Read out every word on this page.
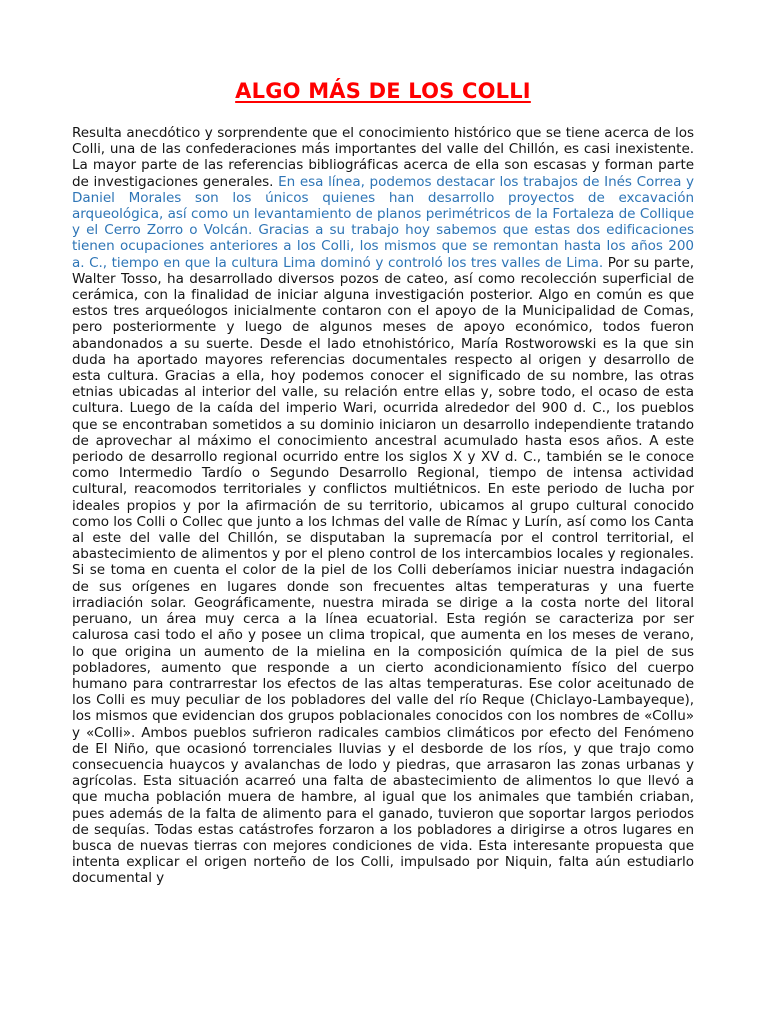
ALGO MÁS DE LOS COLLI

Resulta anecdótico y sorprendente que el conocimiento histórico que se tiene acerca de los Colli, una de las confederaciones más importantes del valle del Chillón, es casi inexistente. La mayor parte de las referencias bibliográficas acerca de ella son escasas y forman parte de investigaciones generales. En esa línea, podemos destacar los trabajos de Inés Correa y Daniel Morales son los únicos quienes han desarrollo proyectos de excavación arqueológica, así como un levantamiento de planos perimétricos de la Fortaleza de Collique y el Cerro Zorro o Volcán. Gracias a su trabajo hoy sabemos que estas dos edificaciones tienen ocupaciones anteriores a los Colli, los mismos que se remontan hasta los años 200 a. C., tiempo en que la cultura Lima dominó y controló los tres valles de Lima. Por su parte, Walter Tosso, ha desarrollado diversos pozos de cateo, así como recolección superficial de cerámica, con la finalidad de iniciar alguna investigación posterior. Algo en común es que estos tres arqueólogos inicialmente contaron con el apoyo de la Municipalidad de Comas, pero posteriormente y luego de algunos meses de apoyo económico, todos fueron abandonados a su suerte. Desde el lado etnohistórico, María Rostworowski es la que sin duda ha aportado mayores referencias documentales respecto al origen y desarrollo de esta cultura. Gracias a ella, hoy podemos conocer el significado de su nombre, las otras etnias ubicadas al interior del valle, su relación entre ellas y, sobre todo, el ocaso de esta cultura. Luego de la caída del imperio Wari, ocurrida alrededor del 900 d. C., los pueblos que se encontraban sometidos a su dominio iniciaron un desarrollo independiente tratando de aprovechar al máximo el conocimiento ancestral acumulado hasta esos años. A este periodo de desarrollo regional ocurrido entre los siglos X y XV d. C., también se le conoce como Intermedio Tardío o Segundo Desarrollo Regional, tiempo de intensa actividad cultural, reacomodos territoriales y conflictos multiétnicos. En este periodo de lucha por ideales propios y por la afirmación de su territorio, ubicamos al grupo cultural conocido como los Colli o Collec que junto a los Ichmas del valle de Rímac y Lurín, así como los Canta al este del valle del Chillón, se disputaban la supremacía por el control territorial, el abastecimiento de alimentos y por el pleno control de los intercambios locales y regionales. Si se toma en cuenta el color de la piel de los Colli deberíamos iniciar nuestra indagación de sus orígenes en lugares donde son frecuentes altas temperaturas y una fuerte irradiación solar. Geográficamente, nuestra mirada se dirige a la costa norte del litoral peruano, un área muy cerca a la línea ecuatorial. Esta región se caracteriza por ser calurosa casi todo el año y posee un clima tropical, que aumenta en los meses de verano, lo que origina un aumento de la mielina en la composición química de la piel de sus pobladores, aumento que responde a un cierto acondicionamiento físico del cuerpo humano para contrarrestar los efectos de las altas temperaturas. Ese color aceitunado de los Colli es muy peculiar de los pobladores del valle del río Reque (Chiclayo-Lambayeque), los mismos que evidencian dos grupos poblacionales conocidos con los nombres de «Collu» y «Colli». Ambos pueblos sufrieron radicales cambios climáticos por efecto del Fenómeno de El Niño, que ocasionó torrenciales lluvias y el desborde de los ríos, y que trajo como consecuencia huaycos y avalanchas de lodo y piedras, que arrasaron las zonas urbanas y agrícolas. Esta situación acarreó una falta de abastecimiento de alimentos lo que llevó a que mucha población muera de hambre, al igual que los animales que también criaban, pues además de la falta de alimento para el ganado, tuvieron que soportar largos periodos de sequías. Todas estas catástrofes forzaron a los pobladores a dirigirse a otros lugares en busca de nuevas tierras con mejores condiciones de vida. Esta interesante propuesta que intenta explicar el origen norteño de los Colli, impulsado por Niquin, falta aún estudiarlo documental y
